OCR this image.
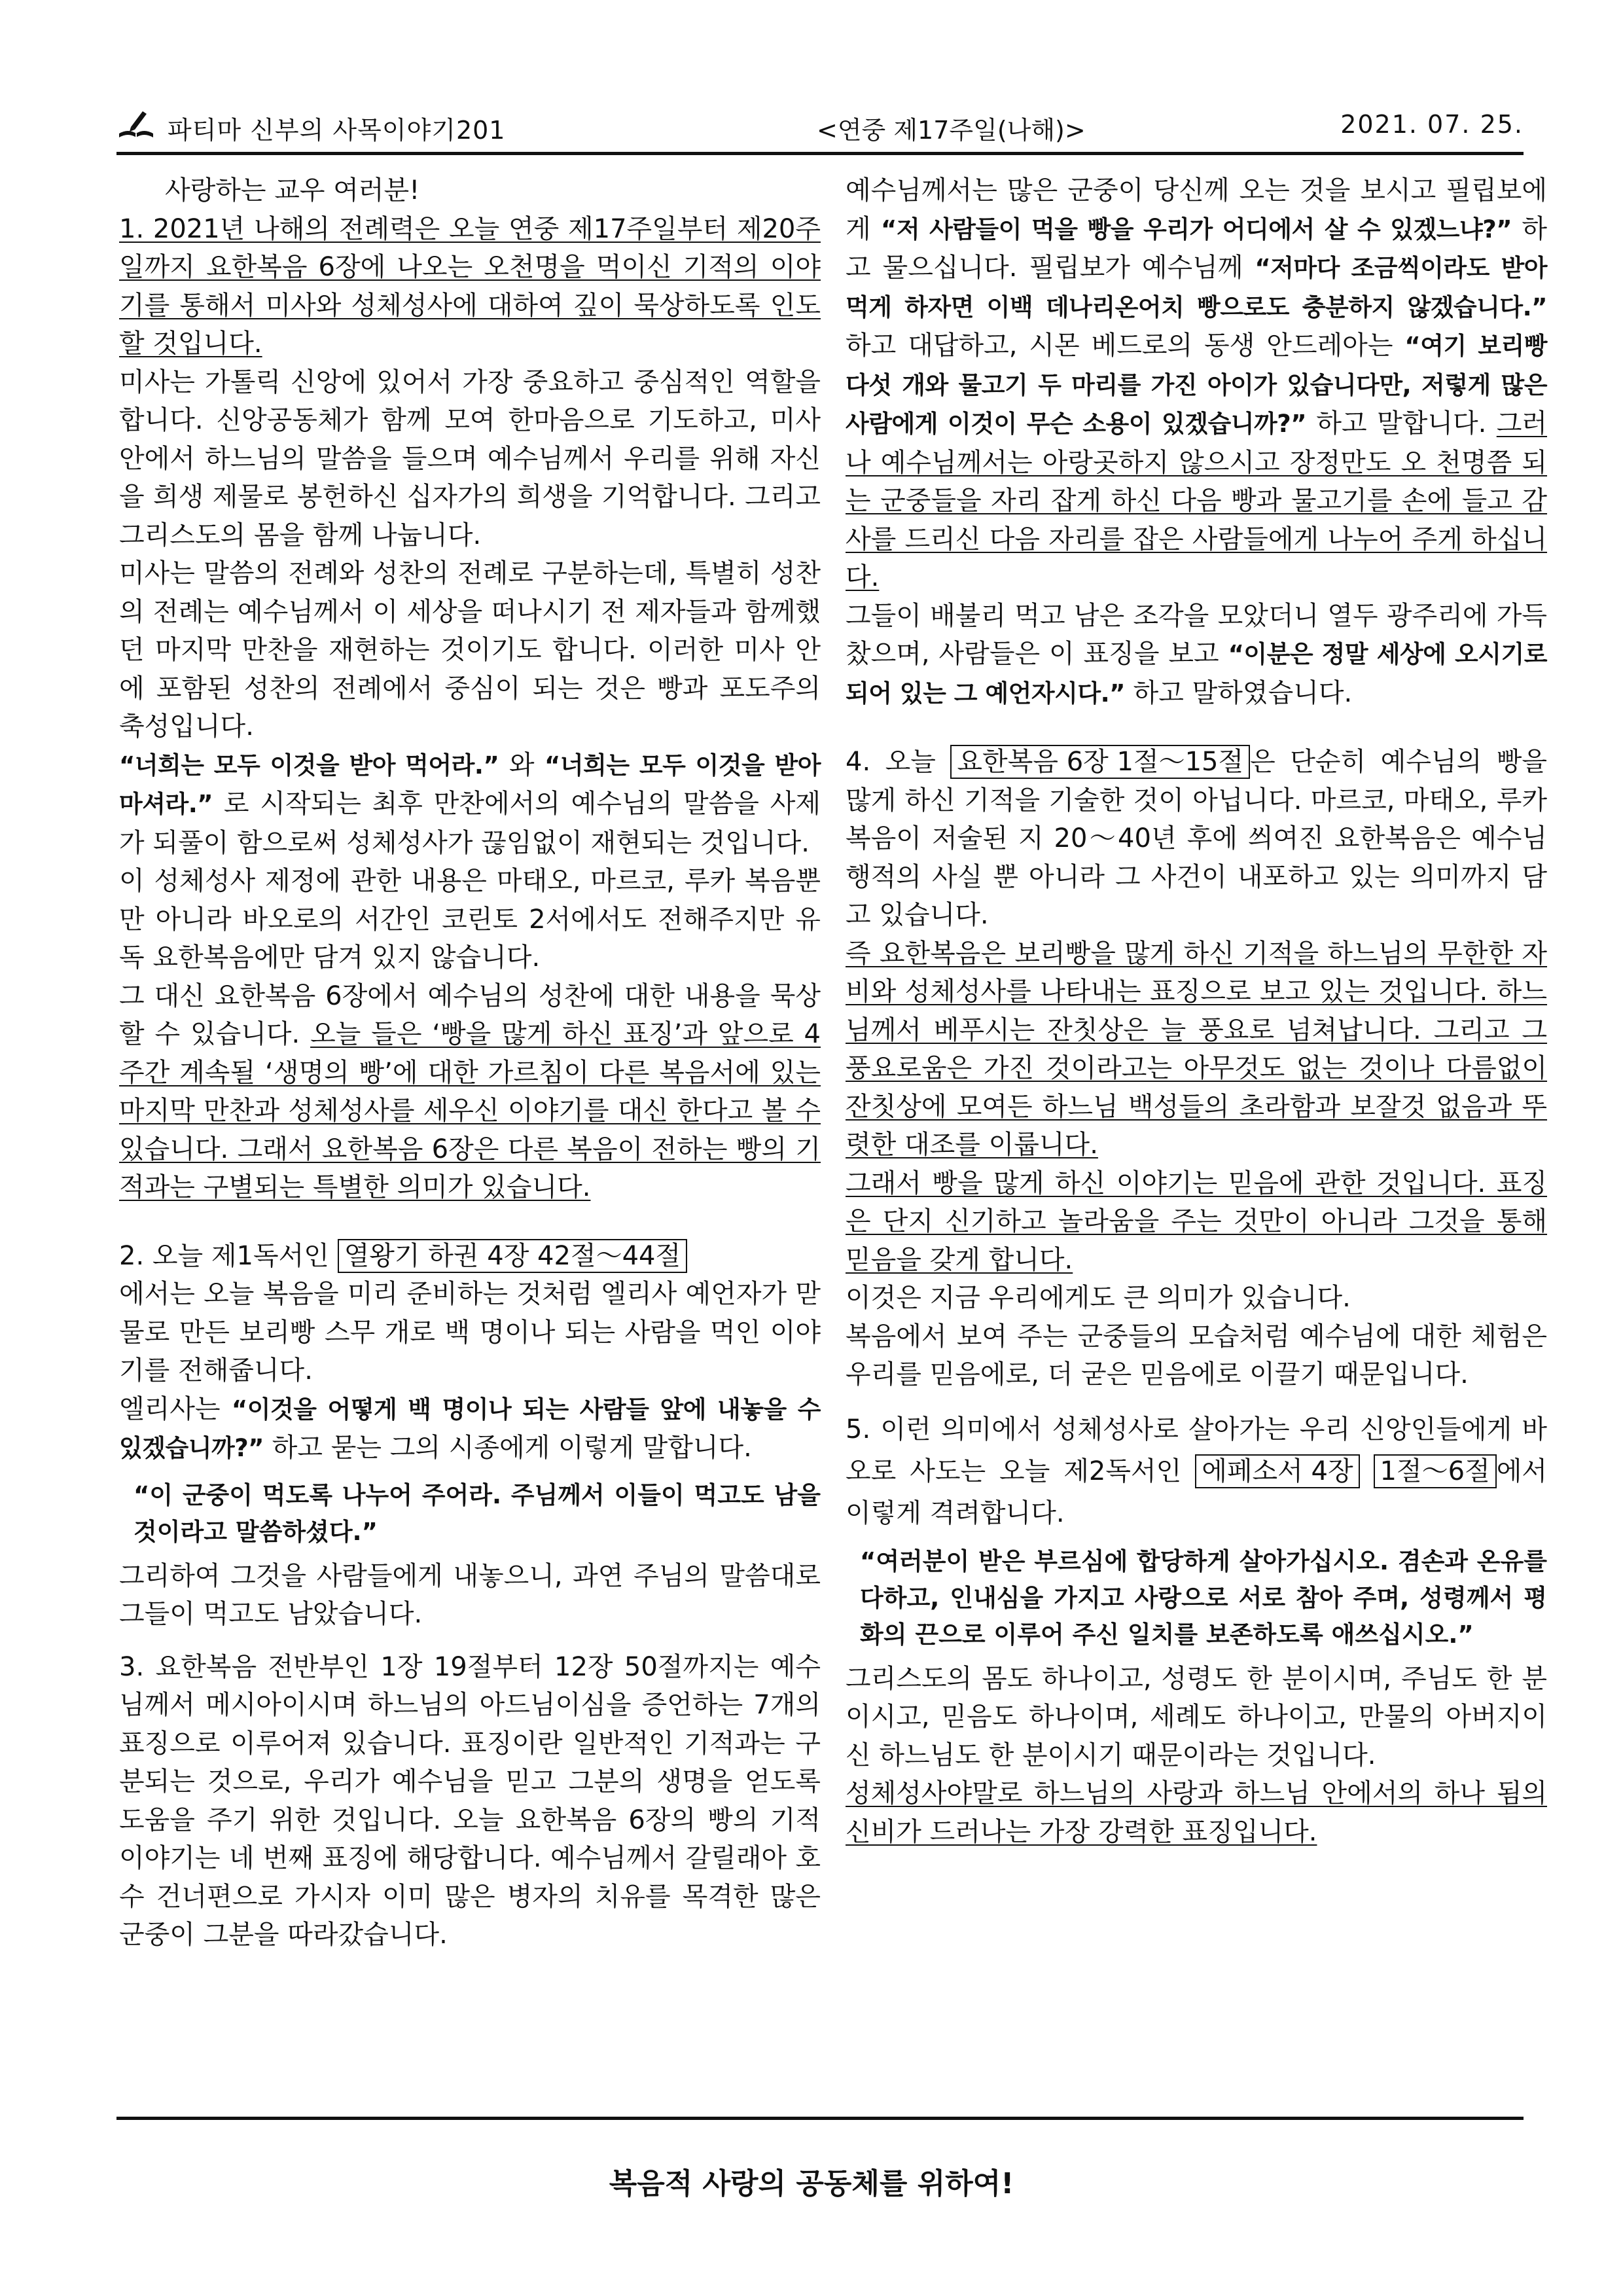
파티마 신부의 사목이야기201	<연중 제17주일(나해)>	2021. 07. 25.

사랑하는 교우 여러분!

1. 2021년 나해의 전례력은 오늘 연중 제17주일부터 제20주일까지 요한복음 6장에 나오는 오천명을 먹이신 기적의 이야기를 통해서 미사와 성체성사에 대하여 깊이 묵상하도록 인도할 것입니다.

미사는 가톨릭 신앙에 있어서 가장 중요하고 중심적인 역할을 합니다. 신앙공동체가 함께 모여 한마음으로 기도하고, 미사 안에서 하느님의 말씀을 들으며 예수님께서 우리를 위해 자신을 희생 제물로 봉헌하신 십자가의 희생을 기억합니다. 그리고 그리스도의 몸을 함께 나눕니다.

미사는 말씀의 전례와 성찬의 전례로 구분하는데, 특별히 성찬의 전례는 예수님께서 이 세상을 떠나시기 전 제자들과 함께했던 마지막 만찬을 재현하는 것이기도 합니다. 이러한 미사 안에 포함된 성찬의 전례에서 중심이 되는 것은 빵과 포도주의 축성입니다.

“너희는 모두 이것을 받아 먹어라.” 와 “너희는 모두 이것을 받아 마셔라.” 로 시작되는 최후 만찬에서의 예수님의 말씀을 사제가 되풀이 함으로써 성체성사가 끊임없이 재현되는 것입니다.

이 성체성사 제정에 관한 내용은 마태오, 마르코, 루카 복음뿐만 아니라 바오로의 서간인 코린토 2서에서도 전해주지만 유독 요한복음에만 담겨 있지 않습니다.

그 대신 요한복음 6장에서 예수님의 성찬에 대한 내용을 묵상할 수 있습니다. 오늘 들은 ‘빵을 많게 하신 표징’과 앞으로 4주간 계속될 ‘생명의 빵’에 대한 가르침이 다른 복음서에 있는 마지막 만찬과 성체성사를 세우신 이야기를 대신 한다고 볼 수 있습니다. 그래서 요한복음 6장은 다른 복음이 전하는 빵의 기적과는 구별되는 특별한 의미가 있습니다.

2. 오늘 제1독서인 열왕기 하권 4장 42절～44절

에서는 오늘 복음을 미리 준비하는 것처럼 엘리사 예언자가 맏물로 만든 보리빵 스무 개로 백 명이나 되는 사람을 먹인 이야기를 전해줍니다.

엘리사는 “이것을 어떻게 백 명이나 되는 사람들 앞에 내놓을 수 있겠습니까?” 하고 묻는 그의 시종에게 이렇게 말합니다.

“이 군중이 먹도록 나누어 주어라. 주님께서 이들이 먹고도 남을 것이라고 말씀하셨다.”

그리하여 그것을 사람들에게 내놓으니, 과연 주님의 말씀대로 그들이 먹고도 남았습니다.

3. 요한복음 전반부인 1장 19절부터 12장 50절까지는 예수님께서 메시아이시며 하느님의 아드님이심을 증언하는 7개의 표징으로 이루어져 있습니다. 표징이란 일반적인 기적과는 구분되는 것으로, 우리가 예수님을 믿고 그분의 생명을 얻도록 도움을 주기 위한 것입니다. 오늘 요한복음 6장의 빵의 기적 이야기는 네 번째 표징에 해당합니다. 예수님께서 갈릴래아 호수 건너편으로 가시자 이미 많은 병자의 치유를 목격한 많은 군중이 그분을 따라갔습니다.

예수님께서는 많은 군중이 당신께 오는 것을 보시고 필립보에게 “저 사람들이 먹을 빵을 우리가 어디에서 살 수 있겠느냐?” 하고 물으십니다. 필립보가 예수님께 “저마다 조금씩이라도 받아먹게 하자면 이백 데나리온어치 빵으로도 충분하지 않겠습니다.” 하고 대답하고, 시몬 베드로의 동생 안드레아는 “여기 보리빵 다섯 개와 물고기 두 마리를 가진 아이가 있습니다만, 저렇게 많은 사람에게 이것이 무슨 소용이 있겠습니까?” 하고 말합니다. 그러나 예수님께서는 아랑곳하지 않으시고 장정만도 오 천명쯤 되는 군중들을 자리 잡게 하신 다음 빵과 물고기를 손에 들고 감사를 드리신 다음 자리를 잡은 사람들에게 나누어 주게 하십니다.

그들이 배불리 먹고 남은 조각을 모았더니 열두 광주리에 가득 찼으며, 사람들은 이 표징을 보고 “이분은 정말 세상에 오시기로 되어 있는 그 예언자시다.” 하고 말하였습니다.

4. 오늘 요한복음 6장 1절～15절 은 단순히 예수님의 빵을 많게 하신 기적을 기술한 것이 아닙니다. 마르코, 마태오, 루카 복음이 저술된 지 20～40년 후에 씌여진 요한복음은 예수님 행적의 사실 뿐 아니라 그 사건이 내포하고 있는 의미까지 담고 있습니다.

즉 요한복음은 보리빵을 많게 하신 기적을 하느님의 무한한 자비와 성체성사를 나타내는 표징으로 보고 있는 것입니다. 하느님께서 베푸시는 잔칫상은 늘 풍요로 넘쳐납니다. 그리고 그 풍요로움은 가진 것이라고는 아무것도 없는 것이나 다름없이 잔칫상에 모여든 하느님 백성들의 초라함과 보잘것 없음과 뚜렷한 대조를 이룹니다.

그래서 빵을 많게 하신 이야기는 믿음에 관한 것입니다. 표징은 단지 신기하고 놀라움을 주는 것만이 아니라 그것을 통해 믿음을 갖게 합니다.

이것은 지금 우리에게도 큰 의미가 있습니다.

복음에서 보여 주는 군중들의 모습처럼 예수님에 대한 체험은 우리를 믿음에로, 더 굳은 믿음에로 이끌기 때문입니다.

5. 이런 의미에서 성체성사로 살아가는 우리 신앙인들에게 바오로 사도는 오늘 제2독서인 에페소서 4장 1절～6절 에서 이렇게 격려합니다.

“여러분이 받은 부르심에 합당하게 살아가십시오. 겸손과 온유를 다하고, 인내심을 가지고 사랑으로 서로 참아 주며, 성령께서 평화의 끈으로 이루어 주신 일치를 보존하도록 애쓰십시오.”

그리스도의 몸도 하나이고, 성령도 한 분이시며, 주님도 한 분이시고, 믿음도 하나이며, 세례도 하나이고, 만물의 아버지이신 하느님도 한 분이시기 때문이라는 것입니다.

성체성사야말로 하느님의 사랑과 하느님 안에서의 하나 됨의 신비가 드러나는 가장 강력한 표징입니다.

복음적 사랑의 공동체를 위하여!
